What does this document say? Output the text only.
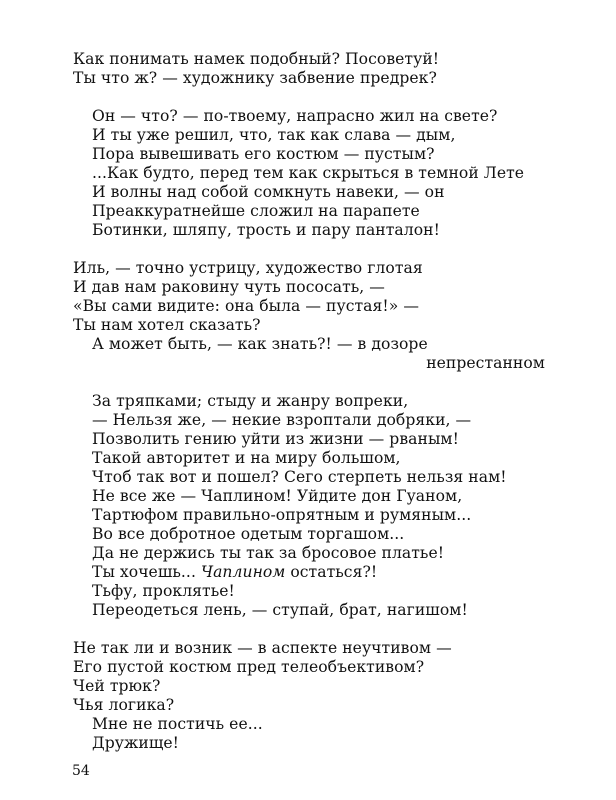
Как понимать намек подобный? Посоветуй!
Ты что ж? — художнику забвение предрек?
Он — что? — по-твоему, напрасно жил на свете?
И ты уже решил, что, так как слава — дым,
Пора вывешивать его костюм — пустым?
...Как будто, перед тем как скрыться в темной Лете
И волны над собой сомкнуть навеки, — он
Преаккуратнейше сложил на парапете
Ботинки, шляпу, трость и пару панталон!
Иль, — точно устрицу, художество глотая
И дав нам раковину чуть пососать, —
«Вы сами видите: она была — пустая!» —
Ты нам хотел сказать?
А может быть, — как знать?! — в дозоре
непрестанном
За тряпками; стыду и жанру вопреки,
— Нельзя же, — некие взроптали добряки, —
Позволить гению уйти из жизни — рваным!
Такой авторитет и на миру большом,
Чтоб так вот и пошел? Сего стерпеть нельзя нам!
Не все же — Чаплином! Уйдите дон Гуаном,
Тартюфом правильно-опрятным и румяным...
Во все добротное одетым торгашом...
Да не держись ты так за бросовое платье!
Ты хочешь... Чаплином остаться?!
Тьфу, проклятье!
Переодеться лень, — ступай, брат, нагишом!
Не так ли и возник — в аспекте неучтивом —
Его пустой костюм пред телеобъективом?
Чей трюк?
Чья логика?
Мне не постичь ее...
Дружище!
54
